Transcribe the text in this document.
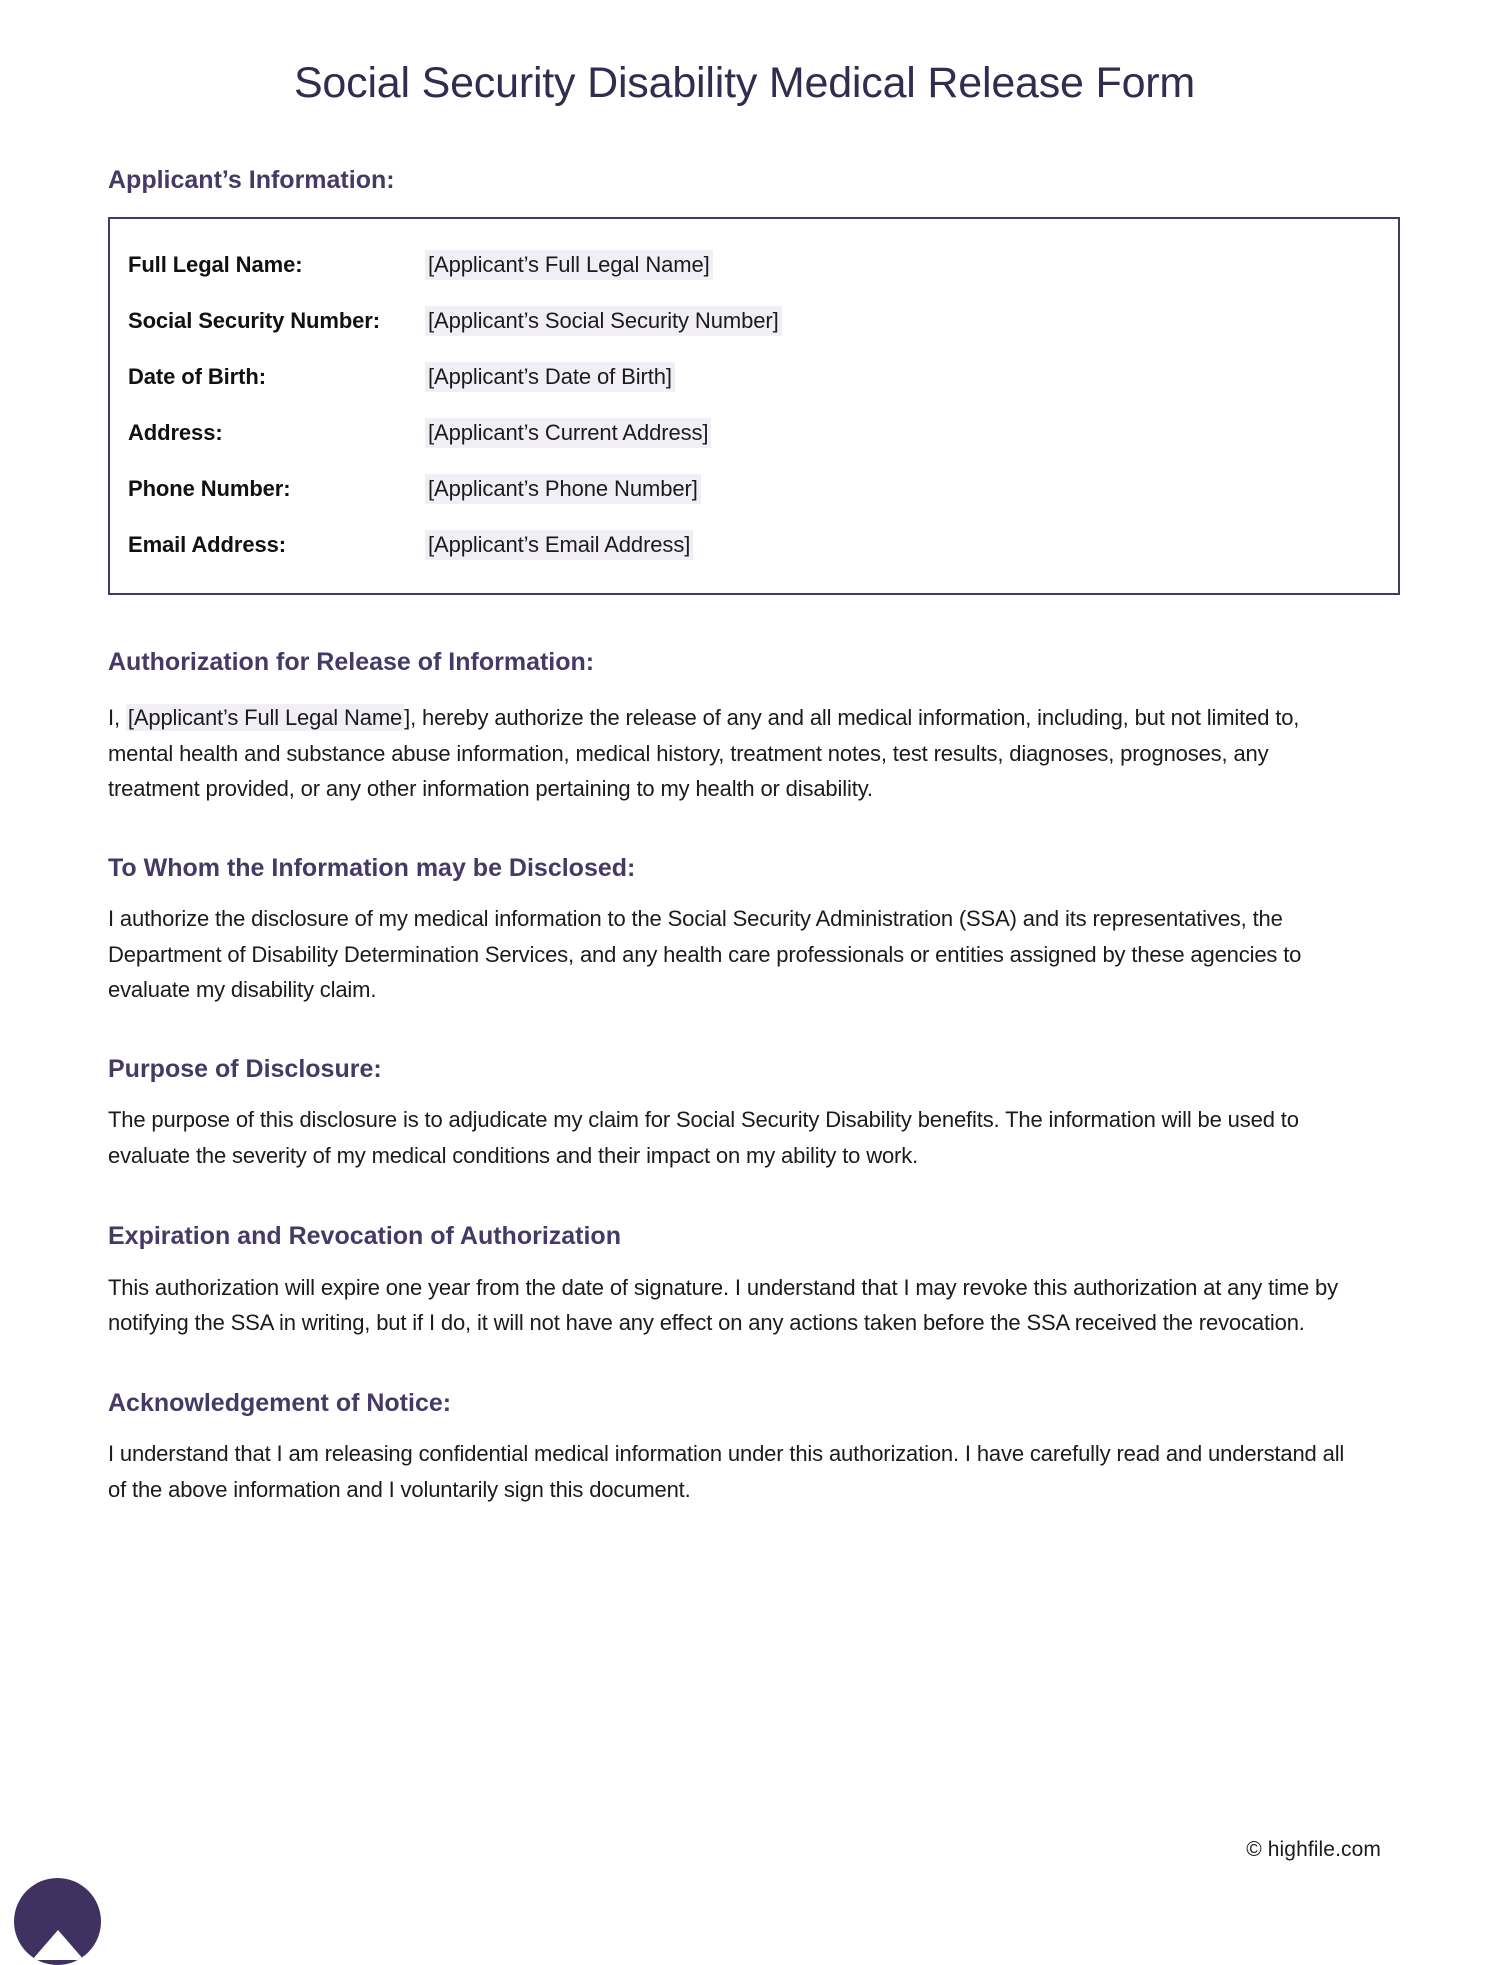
Social Security Disability Medical Release Form
Applicant’s Information:
Full Legal Name:	[Applicant’s Full Legal Name]
Social Security Number:	[Applicant’s Social Security Number]
Date of Birth:	[Applicant’s Date of Birth]
Address:	[Applicant’s Current Address]
Phone Number:	[Applicant’s Phone Number]
Email Address:	[Applicant’s Email Address]
Authorization for Release of Information:

I, [Applicant’s Full Legal Name], hereby authorize the release of any and all medical information, including, but not limited to, mental health and substance abuse information, medical history, treatment notes, test results, diagnoses, prognoses, any treatment provided, or any other information pertaining to my health or disability.

To Whom the Information may be Disclosed:

I authorize the disclosure of my medical information to the Social Security Administration (SSA) and its representatives, the Department of Disability Determination Services, and any health care professionals or entities assigned by these agencies to evaluate my disability claim.

Purpose of Disclosure:

The purpose of this disclosure is to adjudicate my claim for Social Security Disability benefits. The information will be used to evaluate the severity of my medical conditions and their impact on my ability to work.

Expiration and Revocation of Authorization

This authorization will expire one year from the date of signature. I understand that I may revoke this authorization at any time by notifying the SSA in writing, but if I do, it will not have any effect on any actions taken before the SSA received the revocation.

Acknowledgement of Notice:

I understand that I am releasing confidential medical information under this authorization. I have carefully read and understand all of the above information and I voluntarily sign this document.

© highfile.com
